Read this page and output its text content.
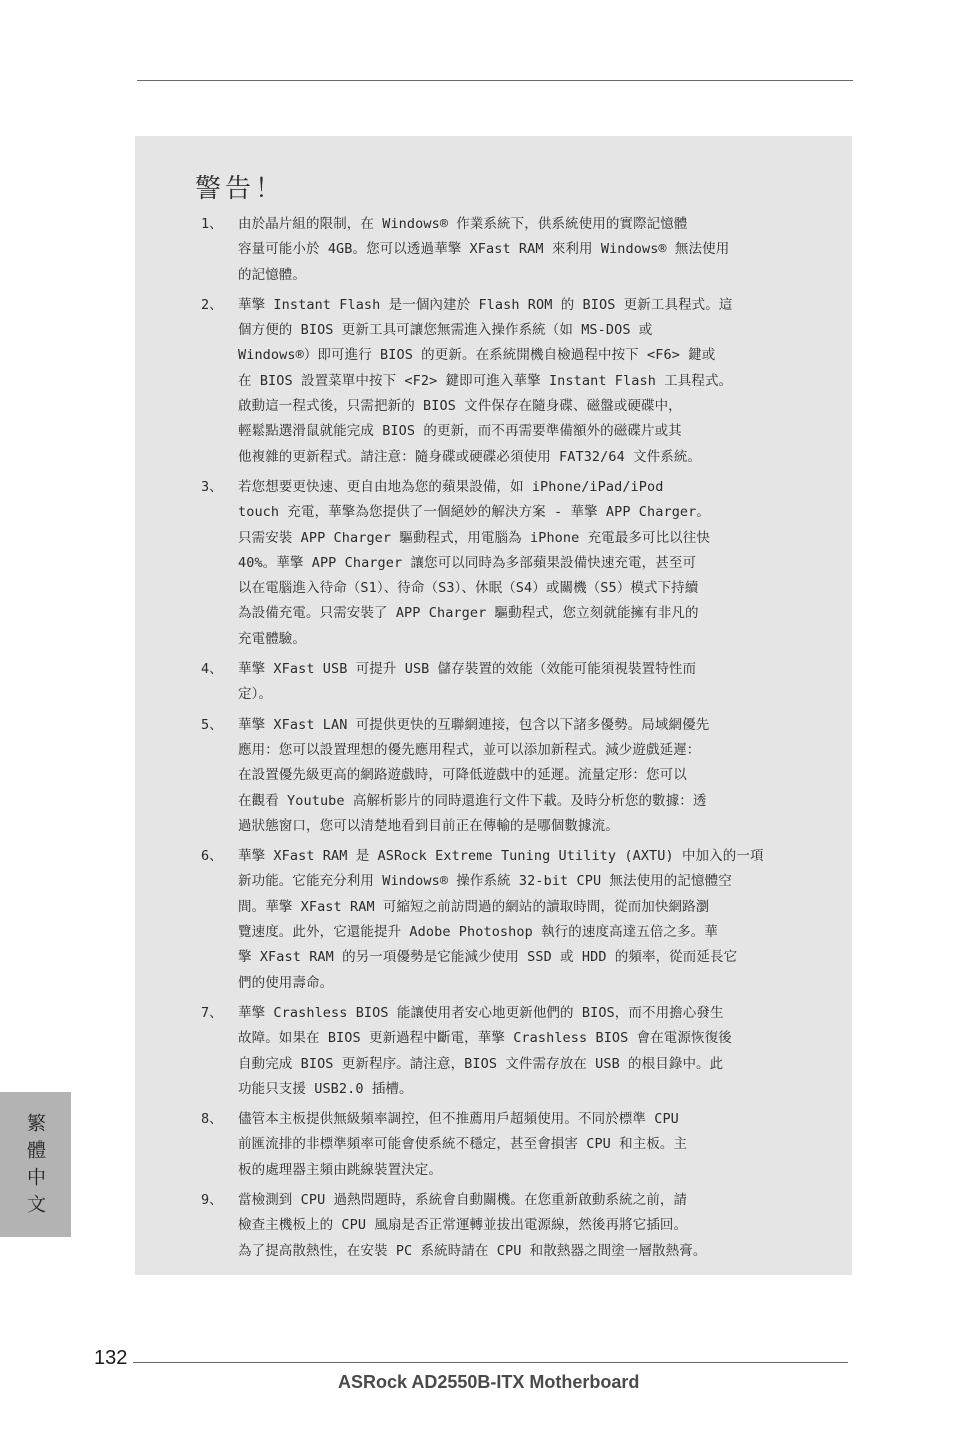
警告！
1、 由於晶片組的限制，在 Windows® 作業系統下，供系統使用的實際記憶體
容量可能小於 4GB。您可以透過華擎 XFast RAM 來利用 Windows® 無法使用
的記憶體。
2、 華擎 Instant Flash 是一個內建於 Flash ROM 的 BIOS 更新工具程式。這
個方便的 BIOS 更新工具可讓您無需進入操作系統（如 MS-DOS 或
Windows®）即可進行 BIOS 的更新。在系統開機自檢過程中按下 <F6> 鍵或
在 BIOS 設置菜單中按下 <F2> 鍵即可進入華擎 Instant Flash 工具程式。
啟動這一程式後，只需把新的 BIOS 文件保存在隨身碟、磁盤或硬碟中，
輕鬆點選滑鼠就能完成 BIOS 的更新，而不再需要準備額外的磁碟片或其
他複雜的更新程式。請注意：隨身碟或硬碟必須使用 FAT32/64 文件系統。
3、 若您想要更快速、更自由地為您的蘋果設備，如 iPhone/iPad/iPod
touch 充電，華擎為您提供了一個絕妙的解決方案 - 華擎 APP Charger。
只需安裝 APP Charger 驅動程式，用電腦為 iPhone 充電最多可比以往快
40%。華擎 APP Charger 讓您可以同時為多部蘋果設備快速充電，甚至可
以在電腦進入待命（S1）、待命（S3）、休眠（S4）或關機（S5）模式下持續
為設備充電。只需安裝了 APP Charger 驅動程式，您立刻就能擁有非凡的
充電體驗。
4、 華擎 XFast USB 可提升 USB 儲存裝置的效能（效能可能須視裝置特性而
定）。
5、 華擎 XFast LAN 可提供更快的互聯網連接，包含以下諸多優勢。局域網優先
應用：您可以設置理想的優先應用程式，並可以添加新程式。減少遊戲延遲：
在設置優先級更高的網路遊戲時，可降低遊戲中的延遲。流量定形：您可以
在觀看 Youtube 高解析影片的同時還進行文件下載。及時分析您的數據：透
過狀態窗口，您可以清楚地看到目前正在傳輸的是哪個數據流。
6、 華擎 XFast RAM 是 ASRock Extreme Tuning Utility (AXTU) 中加入的一項
新功能。它能充分利用 Windows® 操作系統 32-bit CPU 無法使用的記憶體空
間。華擎 XFast RAM 可縮短之前訪問過的網站的讀取時間，從而加快網路瀏
覽速度。此外，它還能提升 Adobe Photoshop 執行的速度高達五倍之多。華
擎 XFast RAM 的另一項優勢是它能減少使用 SSD 或 HDD 的頻率，從而延長它
們的使用壽命。
7、 華擎 Crashless BIOS 能讓使用者安心地更新他們的 BIOS，而不用擔心發生
故障。如果在 BIOS 更新過程中斷電，華擎 Crashless BIOS 會在電源恢復後
自動完成 BIOS 更新程序。請注意，BIOS 文件需存放在 USB 的根目錄中。此
功能只支援 USB2.0 插槽。
8、 儘管本主板提供無級頻率調控，但不推薦用戶超頻使用。不同於標準 CPU
前匯流排的非標準頻率可能會使系統不穩定，甚至會損害 CPU 和主板。主
板的處理器主頻由跳線裝置決定。
9、 當檢測到 CPU 過熱問題時，系統會自動關機。在您重新啟動系統之前，請
檢查主機板上的 CPU 風扇是否正常運轉並拔出電源線，然後再將它插回。
為了提高散熱性，在安裝 PC 系統時請在 CPU 和散熱器之間塗一層散熱膏。
繁體中文
132
ASRock AD2550B-ITX Motherboard
